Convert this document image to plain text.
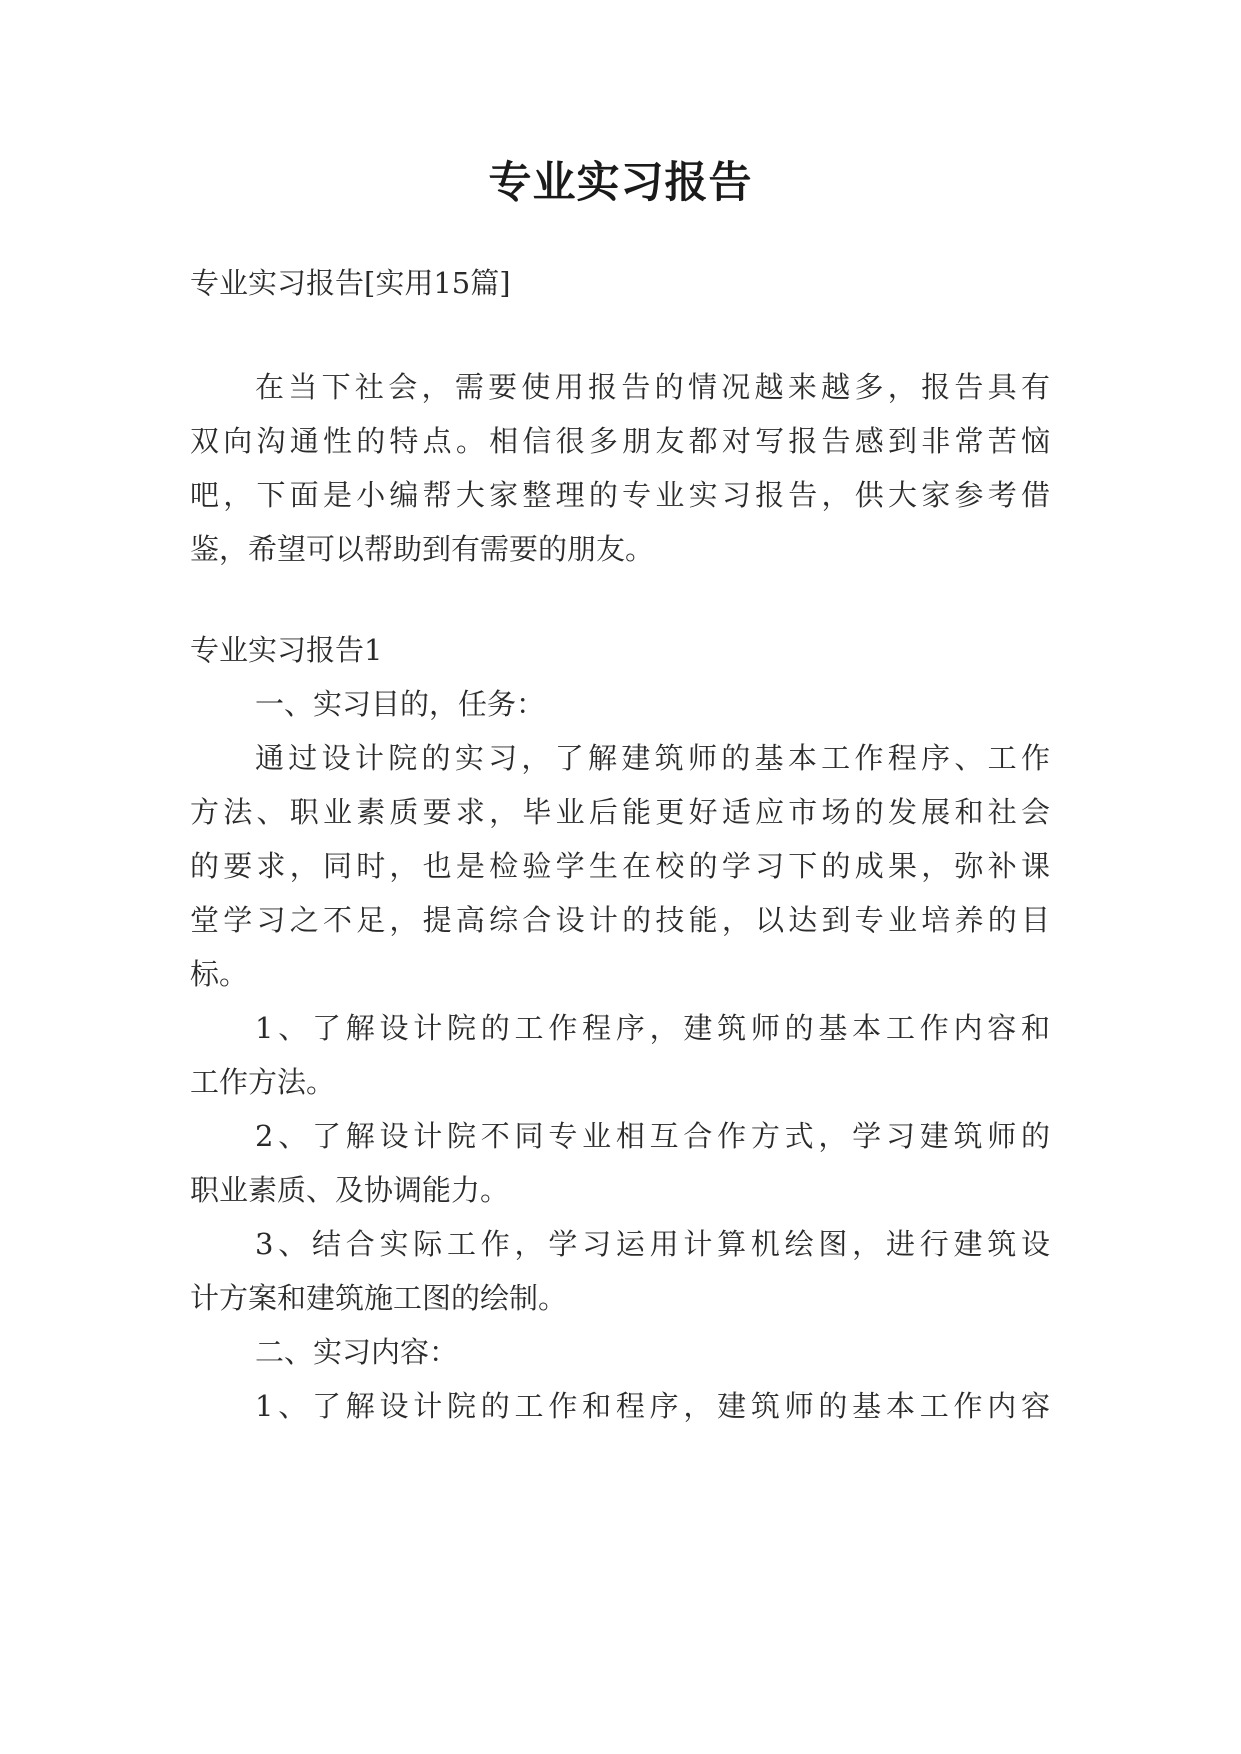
专业实习报告
专业实习报告[实用15篇]
在当下社会，需要使用报告的情况越来越多，报告具有
双向沟通性的特点。相信很多朋友都对写报告感到非常苦恼
吧，下面是小编帮大家整理的专业实习报告，供大家参考借
鉴，希望可以帮助到有需要的朋友。
专业实习报告1
一、实习目的，任务：
通过设计院的实习，了解建筑师的基本工作程序、工作
方法、职业素质要求，毕业后能更好适应市场的发展和社会
的要求，同时，也是检验学生在校的学习下的成果，弥补课
堂学习之不足，提高综合设计的技能，以达到专业培养的目
标。
1、了解设计院的工作程序，建筑师的基本工作内容和
工作方法。
2、了解设计院不同专业相互合作方式，学习建筑师的
职业素质、及协调能力。
3、结合实际工作，学习运用计算机绘图，进行建筑设
计方案和建筑施工图的绘制。
二、实习内容：
1、了解设计院的工作和程序，建筑师的基本工作内容
